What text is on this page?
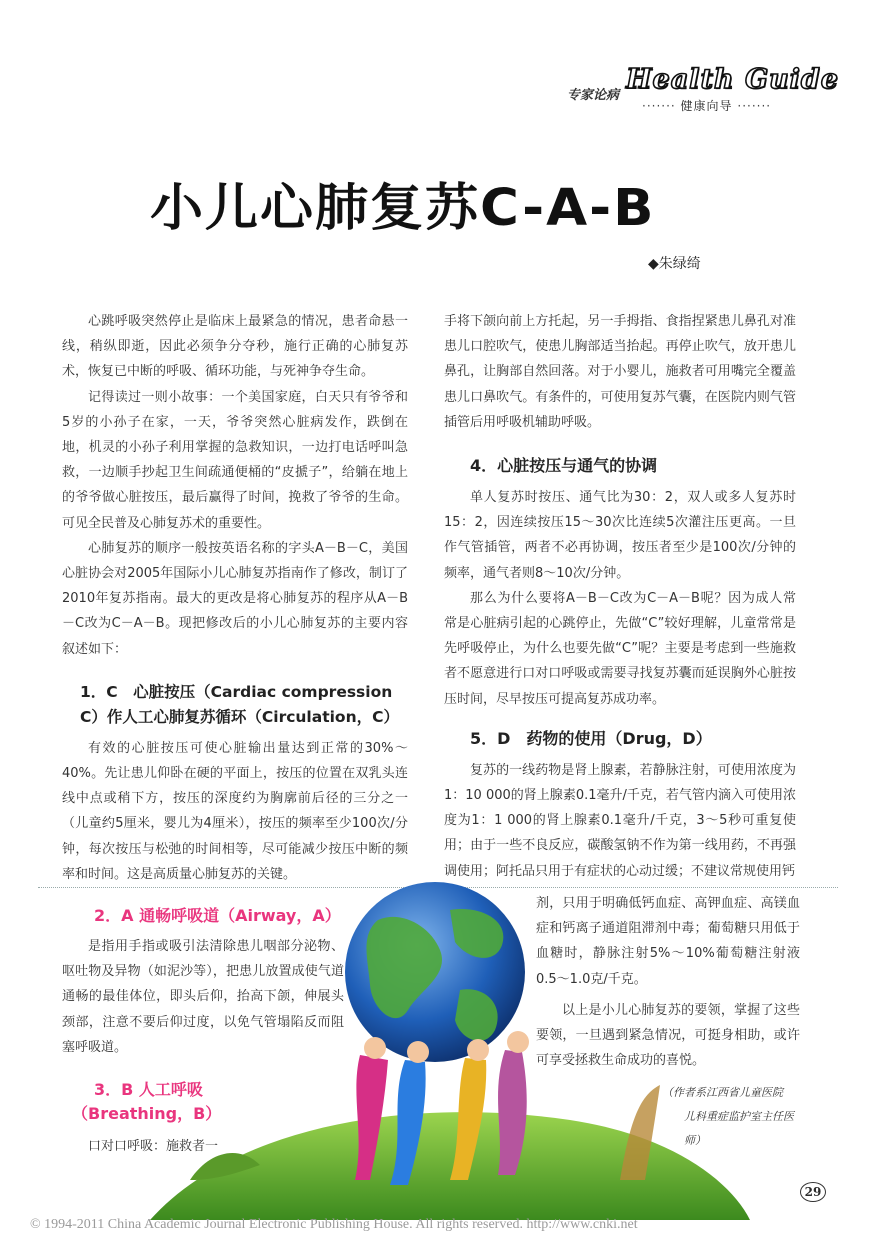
专家论病
Health Guide
······· 健康向导 ·······
小儿心肺复苏C-A-B
◆朱绿绮

心跳呼吸突然停止是临床上最紧急的情况，患者命悬一线，稍纵即逝，因此必须争分夺秒，施行正确的心肺复苏术，恢复已中断的呼吸、循环功能，与死神争夺生命。

记得读过一则小故事：一个美国家庭，白天只有爷爷和5岁的小孙子在家，一天，爷爷突然心脏病发作，跌倒在地，机灵的小孙子利用掌握的急救知识，一边打电话呼叫急救，一边顺手抄起卫生间疏通便桶的“皮搋子”，给躺在地上的爷爷做心脏按压，最后赢得了时间，挽救了爷爷的生命。可见全民普及心肺复苏术的重要性。

心肺复苏的顺序一般按英语名称的字头A－B－C，美国心脏协会对2005年国际小儿心肺复苏指南作了修改，制订了2010年复苏指南。最大的更改是将心肺复苏的程序从A－B－C改为C－A－B。现把修改后的小儿心肺复苏的主要内容叙述如下：

1．C　心脏按压（Cardiac compression C）作人工心肺复苏循环（Circulation，C）

有效的心脏按压可使心脏输出量达到正常的30%～40%。先让患儿仰卧在硬的平面上，按压的位置在双乳头连线中点或稍下方，按压的深度约为胸廓前后径的三分之一（儿童约5厘米，婴儿为4厘米），按压的频率至少100次/分钟，每次按压与松弛的时间相等，尽可能减少按压中断的频率和时间。这是高质量心肺复苏的关键。

手将下颌向前上方托起，另一手拇指、食指捏紧患儿鼻孔对准患儿口腔吹气，使患儿胸部适当抬起。再停止吹气，放开患儿鼻孔，让胸部自然回落。对于小婴儿，施救者可用嘴完全覆盖患儿口鼻吹气。有条件的，可使用复苏气囊，在医院内则气管插管后用呼吸机辅助呼吸。

4．心脏按压与通气的协调

单人复苏时按压、通气比为30：2，双人或多人复苏时15：2，因连续按压15～30次比连续5次灌注压更高。一旦作气管插管，两者不必再协调，按压者至少是100次/分钟的频率，通气者则8～10次/分钟。

那么为什么要将A－B－C改为C－A－B呢？因为成人常常是心脏病引起的心跳停止，先做“C”较好理解，儿童常常是先呼吸停止，为什么也要先做“C”呢？主要是考虑到一些施救者不愿意进行口对口呼吸或需要寻找复苏囊而延误胸外心脏按压时间，尽早按压可提高复苏成功率。

5．D　药物的使用（Drug，D）

复苏的一线药物是肾上腺素，若静脉注射，可使用浓度为1：10 000的肾上腺素0.1毫升/千克，若气管内滴入可使用浓度为1：1 000的肾上腺素0.1毫升/千克，3～5秒可重复使用；由于一些不良反应，碳酸氢钠不作为第一线用药，不再强调使用；阿托品只用于有症状的心动过缓；不建议常规使用钙

2．A 通畅呼吸道（Airway，A）

是指用手指或吸引法清除患儿咽部分泌物、呕吐物及异物（如泥沙等），把患儿放置成使气道通畅的最佳体位，即头后仰，抬高下颌，伸展头颈部，注意不要后仰过度，以免气管塌陷反而阻塞呼吸道。

3．B 人工呼吸
（Breathing，B）

口对口呼吸：施救者一

剂，只用于明确低钙血症、高钾血症、高镁血症和钙离子通道阻滞剂中毒；葡萄糖只用低于血糖时，静脉注射5%～10%葡萄糖注射液0.5～1.0克/千克。

以上是小儿心肺复苏的要领，掌握了这些要领，一旦遇到紧急情况，可挺身相助，或许可享受拯救生命成功的喜悦。

（作者系江西省儿童医院
儿科重症监护室主任医师）
29
© 1994-2011 China Academic Journal Electronic Publishing House. All rights reserved. http://www.cnki.net
